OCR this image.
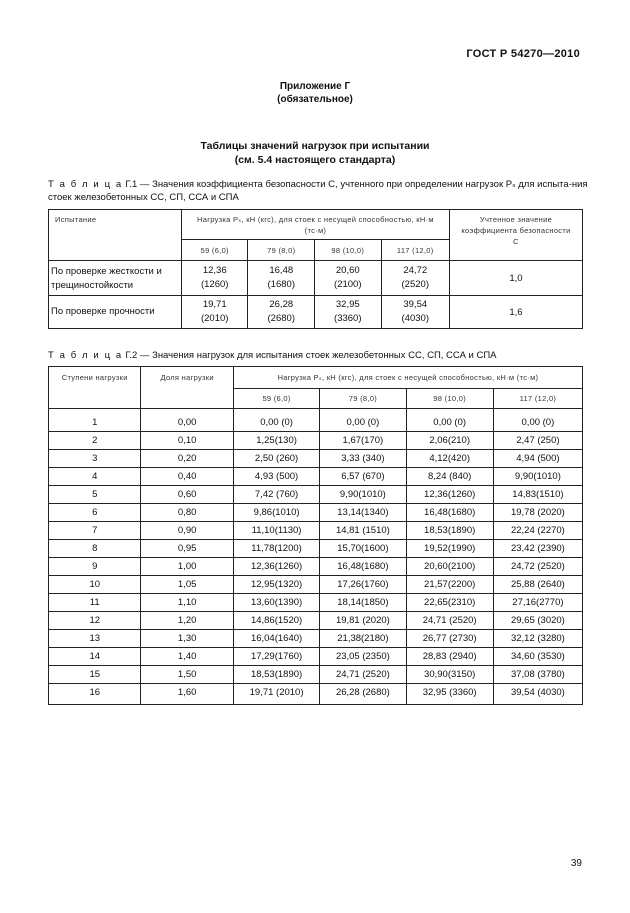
ГОСТ Р 54270—2010
Приложение Г
(обязательное)
Таблицы значений нагрузок при испытании
(см. 5.4 настоящего стандарта)
Т а б л и ц а Г.1 — Значения коэффициента безопасности С, учтенного при определении нагрузок Pₛ для испыта-ния стоек железобетонных СС, СП, ССА и СПА
Испытание	Нагрузка Pₛ, кН (кгс), для стоек с несущей способностью, кН·м (тс·м)				Учтенное значение коэффициента безопасности С
	59 (6,0)	79 (8,0)	98 (10,0)	117 (12,0)	
По проверке жесткости и трещиностойкости	12,36 (1260)	16,48 (1680)	20,60 (2100)	24,72 (2520)	1,0
По проверке прочности	19,71 (2010)	26,28 (2680)	32,95 (3360)	39,54 (4030)	1,6
Т а б л и ц а Г.2 — Значения нагрузок для испытания стоек железобетонных СС, СП, ССА и СПА
Ступени нагрузки	Доля нагрузки	Нагрузка Pₛ, кН (кгс), для стоек с несущей способностью, кН·м (тс·м)			
		59 (6,0)	79 (8,0)	98 (10,0)	117 (12,0)
1	0,00	0,00 (0)	0,00 (0)	0,00 (0)	0,00 (0)
2	0,10	1,25(130)	1,67(170)	2,06(210)	2,47 (250)
3	0,20	2,50 (260)	3,33 (340)	4,12(420)	4,94 (500)
4	0,40	4,93 (500)	6,57 (670)	8,24 (840)	9,90(1010)
5	0,60	7,42 (760)	9,90(1010)	12,36(1260)	14,83(1510)
6	0,80	9,86(1010)	13,14(1340)	16,48(1680)	19,78 (2020)
7	0,90	11,10(1130)	14,81 (1510)	18,53(1890)	22,24 (2270)
8	0,95	11,78(1200)	15,70(1600)	19,52(1990)	23,42 (2390)
9	1,00	12,36(1260)	16,48(1680)	20,60(2100)	24,72 (2520)
10	1,05	12,95(1320)	17,26(1760)	21,57(2200)	25,88 (2640)
11	1,10	13,60(1390)	18,14(1850)	22,65(2310)	27,16(2770)
12	1,20	14,86(1520)	19,81 (2020)	24,71 (2520)	29,65 (3020)
13	1,30	16,04(1640)	21,38(2180)	26,77 (2730)	32,12 (3280)
14	1,40	17,29(1760)	23,05 (2350)	28,83 (2940)	34,60 (3530)
15	1,50	18,53(1890)	24,71 (2520)	30,90(3150)	37,08 (3780)
16	1,60	19,71 (2010)	26,28 (2680)	32,95 (3360)	39,54 (4030)
39
